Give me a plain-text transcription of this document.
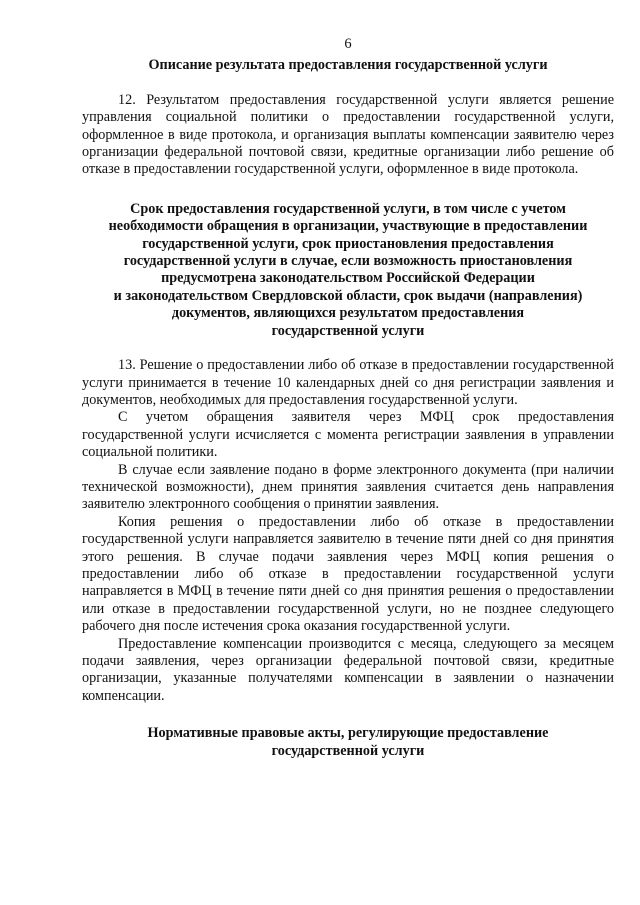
6

Описание результата предоставления государственной услуги

12. Результатом предоставления государственной услуги является решение управления социальной политики о предоставлении государственной услуги, оформленное в виде протокола, и организация выплаты компенсации заявителю через организации федеральной почтовой связи, кредитные организации либо решение об отказе в предоставлении государственной услуги, оформленное в виде протокола.

Срок предоставления государственной услуги, в том числе с учетом
необходимости обращения в организации, участвующие в предоставлении
государственной услуги, срок приостановления предоставления
государственной услуги в случае, если возможность приостановления
предусмотрена законодательством Российской Федерации
и законодательством Свердловской области, срок выдачи (направления)
документов, являющихся результатом предоставления
государственной услуги

13. Решение о предоставлении либо об отказе в предоставлении государственной услуги принимается в течение 10 календарных дней со дня регистрации заявления и документов, необходимых для предоставления государственной услуги.

С учетом обращения заявителя через МФЦ срок предоставления государственной услуги исчисляется с момента регистрации заявления в управлении социальной политики.

В случае если заявление подано в форме электронного документа (при наличии технической возможности), днем принятия заявления считается день направления заявителю электронного сообщения о принятии заявления.

Копия решения о предоставлении либо об отказе в предоставлении государственной услуги направляется заявителю в течение пяти дней со дня принятия этого решения. В случае подачи заявления через МФЦ копия решения о предоставлении либо об отказе в предоставлении государственной услуги направляется в МФЦ в течение пяти дней со дня принятия решения о предоставлении или отказе в предоставлении государственной услуги, но не позднее следующего рабочего дня после истечения срока оказания государственной услуги.

Предоставление компенсации производится с месяца, следующего за месяцем подачи заявления, через организации федеральной почтовой связи, кредитные организации, указанные получателями компенсации в заявлении о назначении компенсации.

Нормативные правовые акты, регулирующие предоставление
государственной услуги
